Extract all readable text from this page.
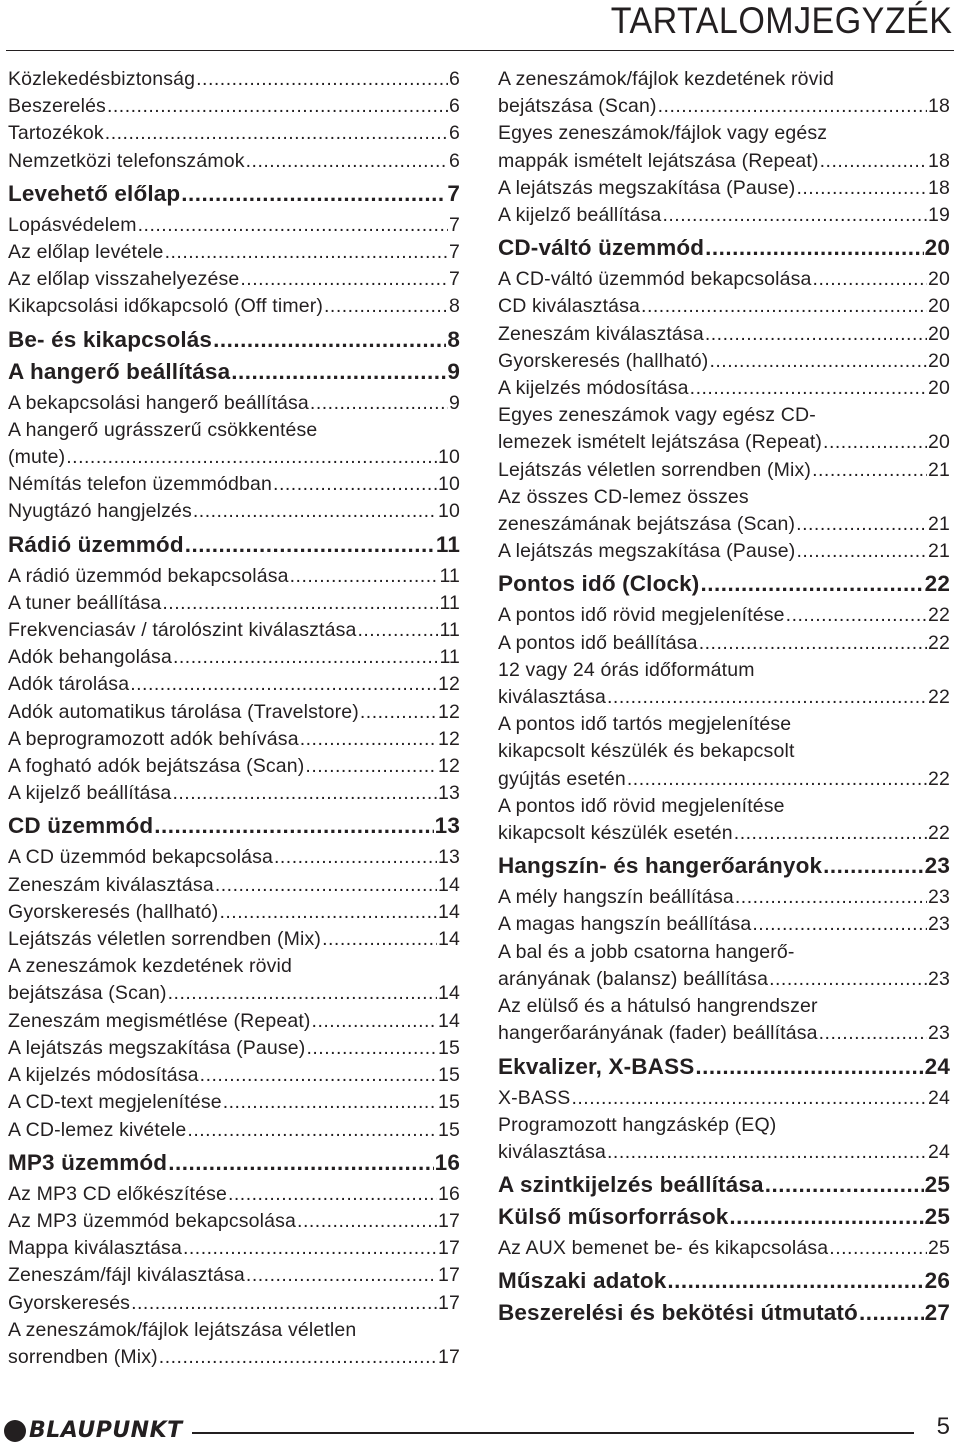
TARTALOMJEGYZÉK
Közlekedésbiztonság .....	6
Beszerelés .....	6
Tartozékok .....	6
Nemzetközi telefonszámok .....	6
Levehető előlap .....	7
Lopásvédelem .....	7
Az előlap levétele .....	7
Az előlap visszahelyezése .....	7
Kikapcsolási időkapcsoló (Off timer) .....	8
Be- és kikapcsolás .....	8
A hangerő beállítása .....	9
A bekapcsolási hangerő beállítása .....	9
A hangerő ugrásszerű csökkentése
(mute) .....	10
Némítás telefon üzemmódban .....	10
Nyugtázó hangjelzés .....	10
Rádió üzemmód .....	11
A rádió üzemmód bekapcsolása .....	11
A tuner beállítása .....	11
Frekvenciasáv / tárolószint kiválasztása .....	11
Adók behangolása .....	11
Adók tárolása .....	12
Adók automatikus tárolása (Travelstore) .....	12
A beprogramozott adók behívása .....	12
A fogható adók bejátszása (Scan) .....	12
A kijelző beállítása .....	13
CD üzemmód .....	13
A CD üzemmód bekapcsolása .....	13
Zeneszám kiválasztása .....	14
Gyorskeresés (hallható) .....	14
Lejátszás véletlen sorrendben (Mix) .....	14
A zeneszámok kezdetének rövid
bejátszása (Scan) .....	14
Zeneszám megismétlése (Repeat) .....	14
A lejátszás megszakítása (Pause) .....	15
A kijelzés módosítása .....	15
A CD-text megjelenítése .....	15
A CD-lemez kivétele .....	15
MP3 üzemmód .....	16
Az MP3 CD előkészítése .....	16
Az MP3 üzemmód bekapcsolása .....	17
Mappa kiválasztása .....	17
Zeneszám/fájl kiválasztása .....	17
Gyorskeresés .....	17
A zeneszámok/fájlok lejátszása véletlen
sorrendben (Mix) .....	17
A zeneszámok/fájlok kezdetének rövid
bejátszása (Scan) .....	18
Egyes zeneszámok/fájlok vagy egész
mappák ismételt lejátszása (Repeat) .....	18
A lejátszás megszakítása (Pause) .....	18
A kijelző beállítása .....	19
CD-váltó üzemmód .....	20
A CD-váltó üzemmód bekapcsolása .....	20
CD kiválasztása .....	20
Zeneszám kiválasztása .....	20
Gyorskeresés (hallható) .....	20
A kijelzés módosítása .....	20
Egyes zeneszámok vagy egész CD-
lemezek ismételt lejátszása (Repeat) .....	20
Lejátszás véletlen sorrendben (Mix) .....	21
Az összes CD-lemez összes
zeneszámának bejátszása (Scan) .....	21
A lejátszás megszakítása (Pause) .....	21
Pontos idő (Clock) .....	22
A pontos idő rövid megjelenítése .....	22
A pontos idő beállítása .....	22
12 vagy 24 órás időformátum
kiválasztása .....	22
A pontos idő tartós megjelenítése
kikapcsolt készülék és bekapcsolt
gyújtás esetén .....	22
A pontos idő rövid megjelenítése
kikapcsolt készülék esetén .....	22
Hangszín- és hangerőarányok .....	23
A mély hangszín beállítása .....	23
A magas hangszín beállítása .....	23
A bal és a jobb csatorna hangerő-
arányának (balansz) beállítása .....	23
Az elülső és a hátulsó hangrendszer
hangerőarányának (fader) beállítása .....	23
Ekvalizer, X-BASS .....	24
X-BASS .....	24
Programozott hangzáskép (EQ)
kiválasztása .....	24
A szintkijelzés beállítása .....	25
Külső műsorforrások .....	25
Az AUX bemenet be- és kikapcsolása .....	25
Műszaki adatok .....	26
Beszerelési és bekötési útmutató .....	27
BLAUPUNKT	5
